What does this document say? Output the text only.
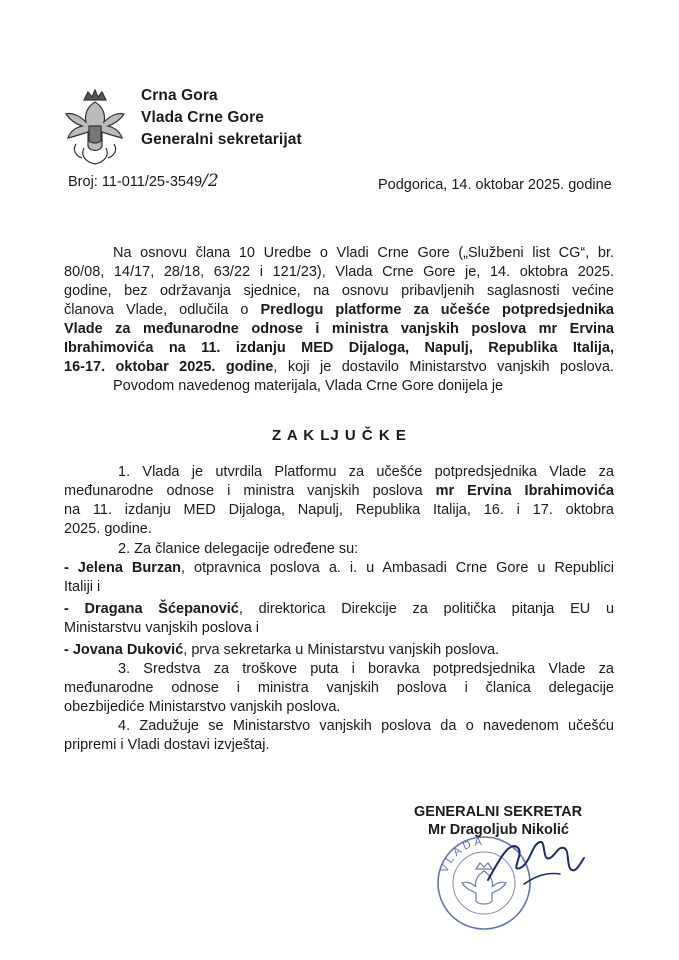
Crna Gora
Vlada Crne Gore
Generalni sekretarijat
Broj: 11-011/25-3549/2	Podgorica, 14. oktobar 2025. godine
Na osnovu člana 10 Uredbe o Vladi Crne Gore („Službeni list CG“, br.
80/08, 14/17, 28/18, 63/22 i 121/23), Vlada Crne Gore je, 14. oktobra 2025.
godine, bez održavanja sjednice, na osnovu pribavljenih saglasnosti većine
članova Vlade, odlučila o Predlogu platforme za učešće potpredsjednika
Vlade za međunarodne odnose i ministra vanjskih poslova mr Ervina
Ibrahimovića na 11. izdanju MED Dijaloga, Napulj, Republika Italija,
16-17. oktobar 2025. godine, koji je dostavilo Ministarstvo vanjskih poslova.
Povodom navedenog materijala, Vlada Crne Gore donijela je
Z A K LJ U Č K E
1. Vlada je utvrdila Platformu za učešće potpredsjednika Vlade za
međunarodne odnose i ministra vanjskih poslova mr Ervina Ibrahimovića
na 11. izdanju MED Dijaloga, Napulj, Republika Italija, 16. i 17. oktobra
2025. godine.
2. Za članice delegacije određene su:
- Jelena Burzan, otpravnica poslova a. i. u Ambasadi Crne Gore u Republici
Italiji i
- Dragana Šćepanović, direktorica Direkcije za politička pitanja EU u
Ministarstvu vanjskih poslova i
- Jovana Duković, prva sekretarka u Ministarstvu vanjskih poslova.
3. Sredstva za troškove puta i boravka potpredsjednika Vlade za
međunarodne odnose i ministra vanjskih poslova i članica delegacije
obezbijediće Ministarstvo vanjskih poslova.
4. Zadužuje se Ministarstvo vanjskih poslova da o navedenom učešću
pripremi i Vladi dostavi izvještaj.
VLADA
GENERALNI SEKRETAR
Mr Dragoljub Nikolić
